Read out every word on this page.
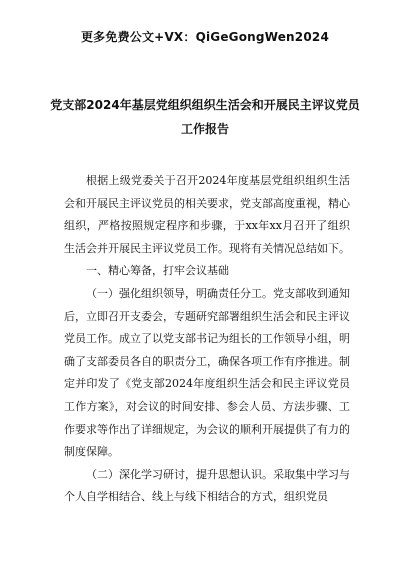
更多免费公文+VX：QiGeGongWen2024
党支部2024年基层党组织组织生活会和开展民主评议党员
工作报告

根据上级党委关于召开2024年度基层党组织组织生活会和开展民主评议党员的相关要求，党支部高度重视，精心组织，严格按照规定程序和步骤，于xx年xx月召开了组织生活会并开展民主评议党员工作。现将有关情况总结如下。

一、精心筹备，打牢会议基础

（一）强化组织领导，明确责任分工。党支部收到通知后，立即召开支委会，专题研究部署组织生活会和民主评议党员工作。成立了以党支部书记为组长的工作领导小组，明确了支部委员各自的职责分工，确保各项工作有序推进。制定并印发了《党支部2024年度组织生活会和民主评议党员工作方案》，对会议的时间安排、参会人员、方法步骤、工作要求等作出了详细规定，为会议的顺利开展提供了有力的制度保障。

（二）深化学习研讨，提升思想认识。采取集中学习与个人自学相结合、线上与线下相结合的方式，组织党员
